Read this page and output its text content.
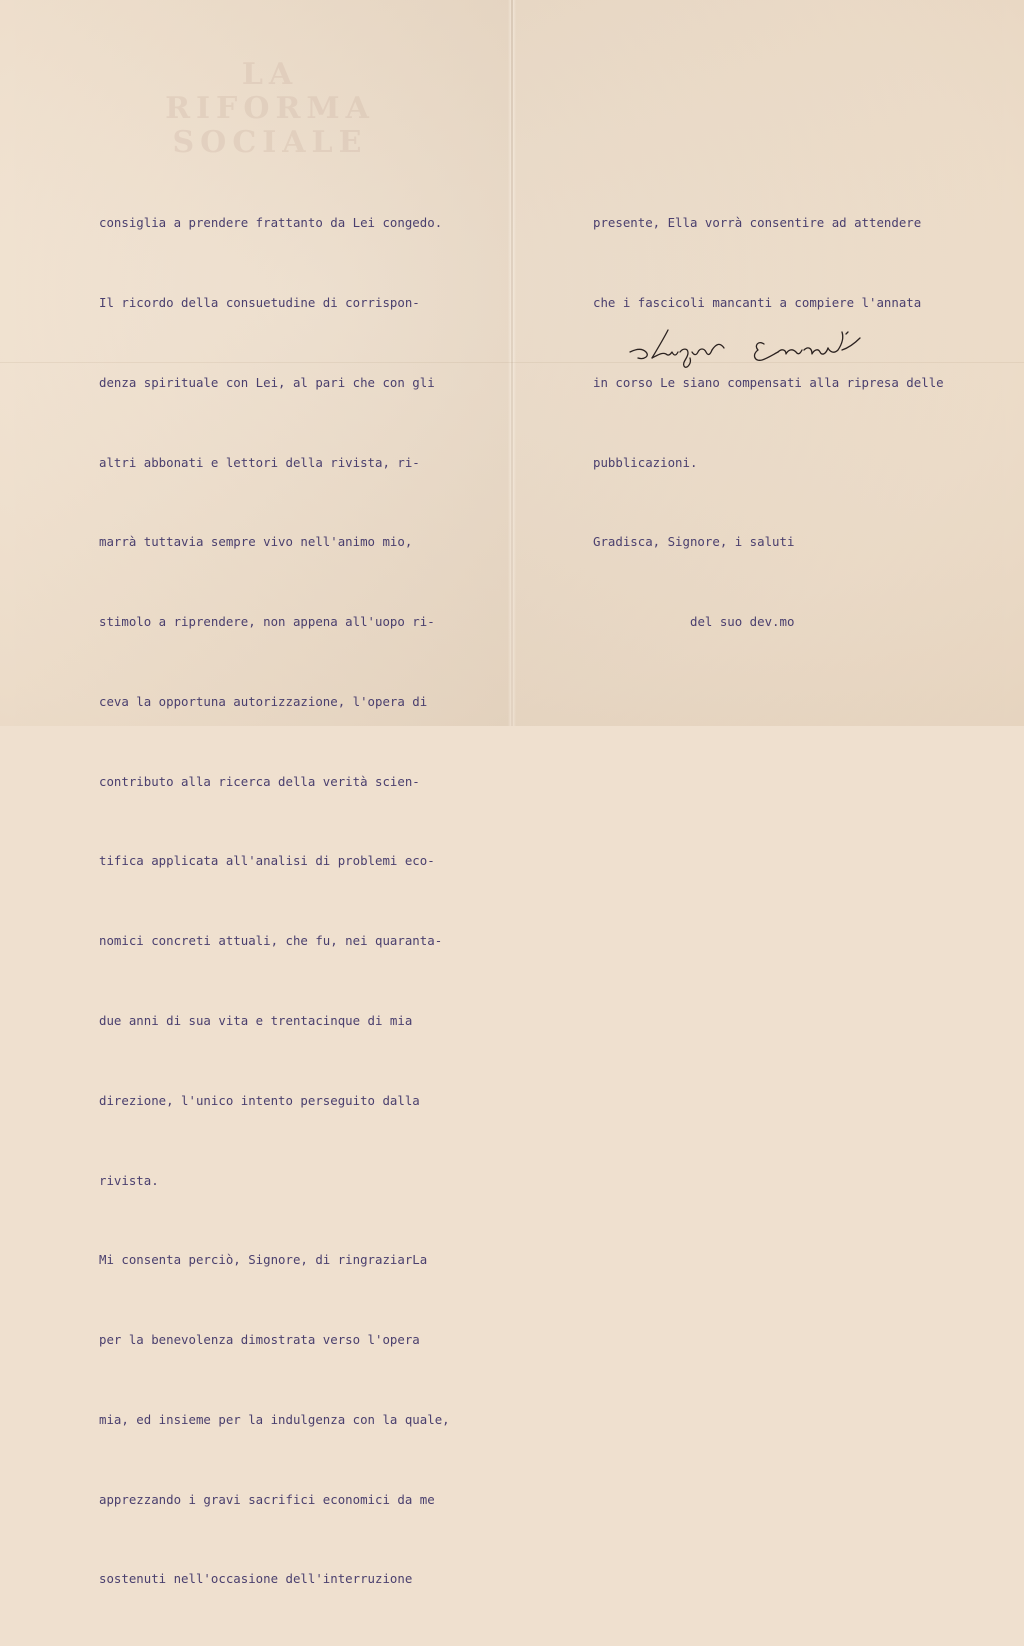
LA
RIFORMA
SOCIALE

consiglia a prendere frattanto da Lei congedo.

Il ricordo della consuetudine di corrispon-

denza spirituale con Lei, al pari che con gli

altri abbonati e lettori della rivista, ri-

marrà tuttavia sempre vivo nell'animo mio,

stimolo a riprendere, non appena all'uopo ri-

ceva la opportuna autorizzazione, l'opera di

contributo alla ricerca della verità scien-

tifica applicata all'analisi di problemi eco-

nomici concreti attuali, che fu, nei quaranta-

due anni di sua vita e trentacinque di mia

direzione, l'unico intento perseguito dalla

rivista.

Mi consenta perciò, Signore, di ringraziarLa

per la benevolenza dimostrata verso l'opera

mia, ed insieme per la indulgenza con la quale,

apprezzando i gravi sacrifici economici da me

sostenuti nell'occasione dell'interruzione

presente, Ella vorrà consentire ad attendere

che i fascicoli mancanti a compiere l'annata

in corso Le siano compensati alla ripresa delle

pubblicazioni.

Gradisca, Signore, i saluti

del suo dev.mo
